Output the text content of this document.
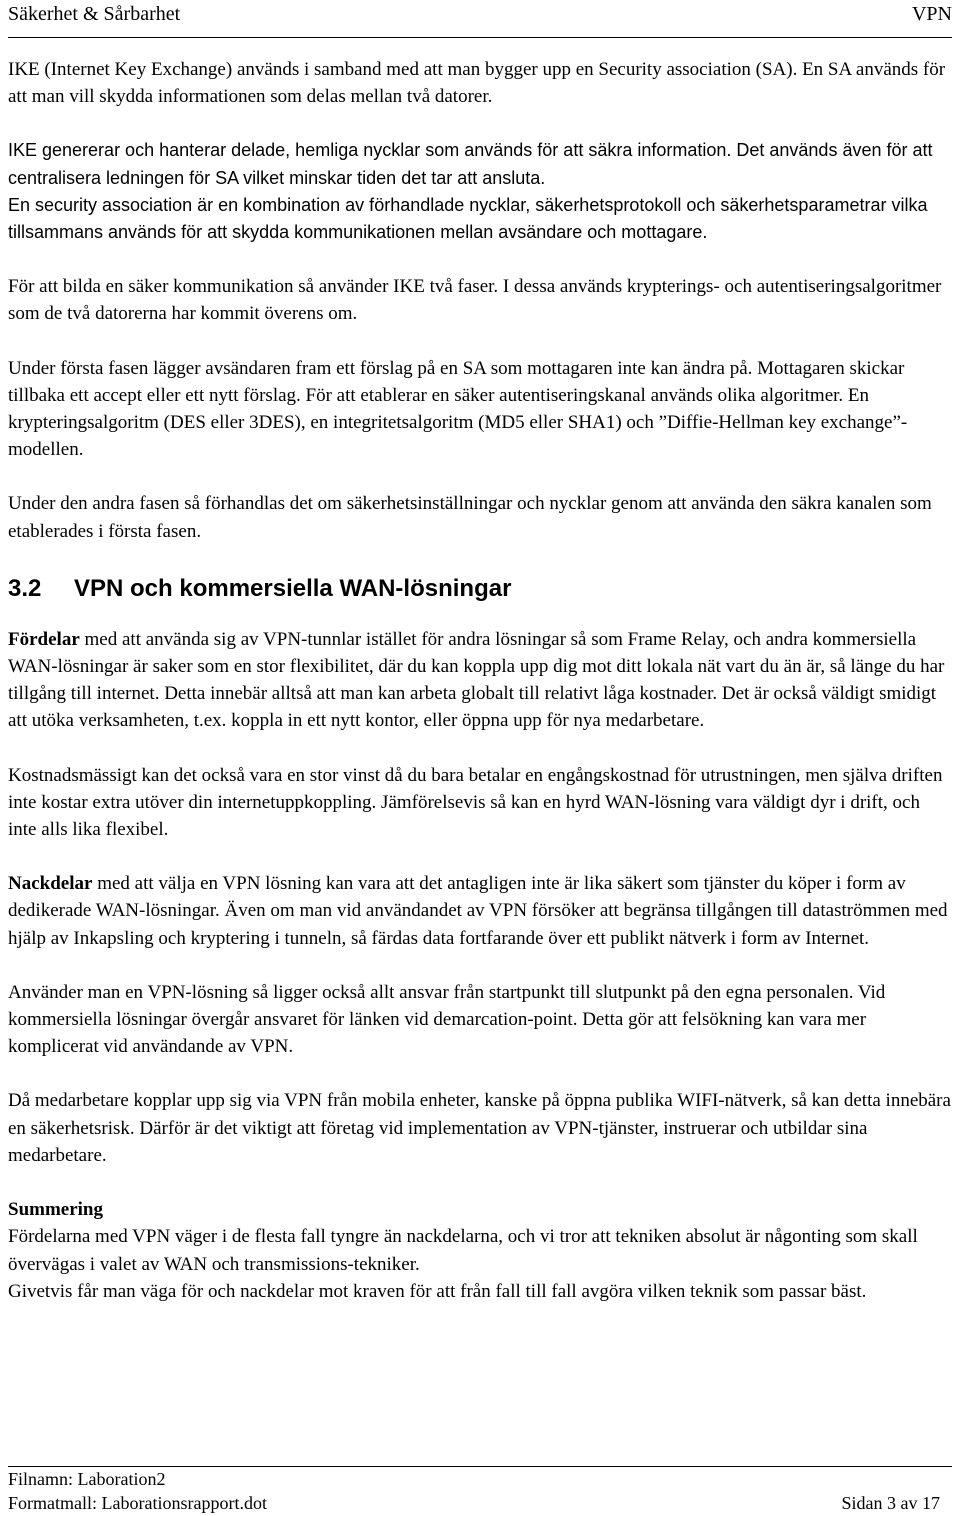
Säkerhet & Sårbarhet	VPN

IKE (Internet Key Exchange) används i samband med att man bygger upp en Security association (SA). En SA används för att man vill skydda informationen som delas mellan två datorer.

IKE genererar och hanterar delade, hemliga nycklar som används för att säkra information. Det används även för att centralisera ledningen för SA vilket minskar tiden det tar att ansluta.

En security association är en kombination av förhandlade nycklar, säkerhetsprotokoll och säkerhetsparametrar vilka tillsammans används för att skydda kommunikationen mellan avsändare och mottagare.

För att bilda en säker kommunikation så använder IKE två faser. I dessa används krypterings- och autentiseringsalgoritmer som de två datorerna har kommit överens om.

Under första fasen lägger avsändaren fram ett förslag på en SA som mottagaren inte kan ändra på. Mottagaren skickar tillbaka ett accept eller ett nytt förslag. För att etablerar en säker autentiseringskanal används olika algoritmer. En krypteringsalgoritm (DES eller 3DES), en integritetsalgoritm (MD5 eller SHA1) och ”Diffie-Hellman key exchange”-modellen.

Under den andra fasen så förhandlas det om säkerhetsinställningar och nycklar genom att använda den säkra kanalen som etablerades i första fasen.

3.2 VPN och kommersiella WAN-lösningar

Fördelar med att använda sig av VPN-tunnlar istället för andra lösningar så som Frame Relay, och andra kommersiella WAN-lösningar är saker som en stor flexibilitet, där du kan koppla upp dig mot ditt lokala nät vart du än är, så länge du har tillgång till internet. Detta innebär alltså att man kan arbeta globalt till relativt låga kostnader. Det är också väldigt smidigt att utöka verksamheten, t.ex. koppla in ett nytt kontor, eller öppna upp för nya medarbetare.

Kostnadsmässigt kan det också vara en stor vinst då du bara betalar en engångskostnad för utrustningen, men själva driften inte kostar extra utöver din internetuppkoppling. Jämförelsevis så kan en hyrd WAN-lösning vara väldigt dyr i drift, och inte alls lika flexibel.

Nackdelar med att välja en VPN lösning kan vara att det antagligen inte är lika säkert som tjänster du köper i form av dedikerade WAN-lösningar. Även om man vid användandet av VPN försöker att begränsa tillgången till dataströmmen med hjälp av Inkapsling och kryptering i tunneln, så färdas data fortfarande över ett publikt nätverk i form av Internet.

Använder man en VPN-lösning så ligger också allt ansvar från startpunkt till slutpunkt på den egna personalen. Vid kommersiella lösningar övergår ansvaret för länken vid demarcation-point. Detta gör att felsökning kan vara mer komplicerat vid användande av VPN.

Då medarbetare kopplar upp sig via VPN från mobila enheter, kanske på öppna publika WIFI-nätverk, så kan detta innebära en säkerhetsrisk. Därför är det viktigt att företag vid implementation av VPN-tjänster, instruerar och utbildar sina medarbetare.

Summering

Fördelarna med VPN väger i de flesta fall tyngre än nackdelarna, och vi tror att tekniken absolut är någonting som skall övervägas i valet av WAN och transmissions-tekniker.

Givetvis får man väga för och nackdelar mot kraven för att från fall till fall avgöra vilken teknik som passar bäst.

Filnamn: Laboration2
Formatmall: Laborationsrapport.dot	Sidan 3 av 17
